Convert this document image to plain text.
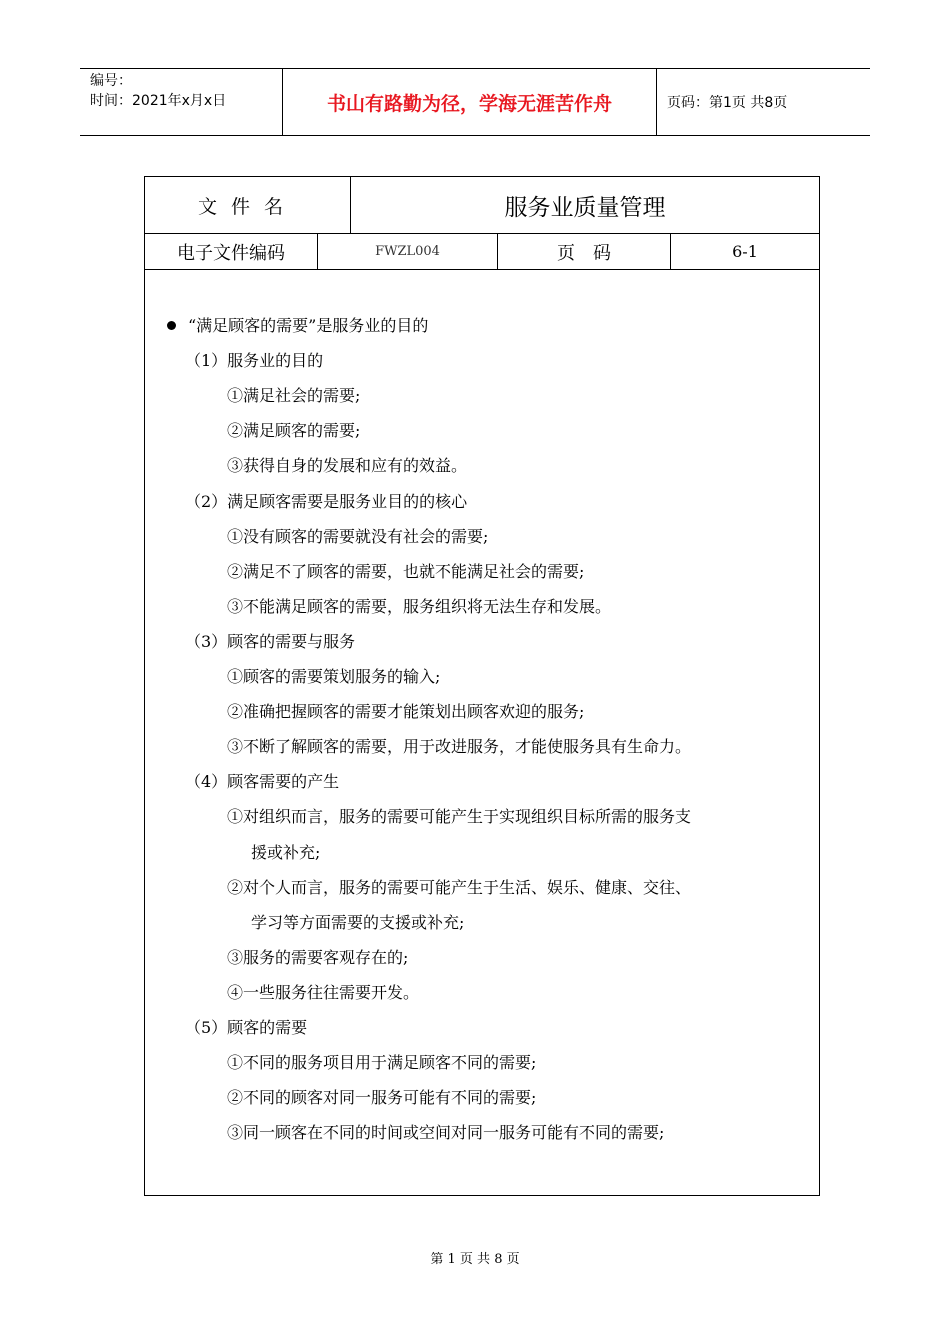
编号：
时间：2021年x月x日	书山有路勤为径，学海无涯苦作舟	页码：第1页 共8页
文件名	服务业质量管理
电子文件编码	FWZL004	页码	6-1
“满足顾客的需要”是服务业的目的
（1）服务业的目的
①满足社会的需要;
②满足顾客的需要;
③获得自身的发展和应有的效益。
（2）满足顾客需要是服务业目的的核心
①没有顾客的需要就没有社会的需要;
②满足不了顾客的需要，也就不能满足社会的需要;
③不能满足顾客的需要，服务组织将无法生存和发展。
（3）顾客的需要与服务
①顾客的需要策划服务的输入;
②准确把握顾客的需要才能策划出顾客欢迎的服务;
③不断了解顾客的需要，用于改进服务，才能使服务具有生命力。
（4）顾客需要的产生
①对组织而言，服务的需要可能产生于实现组织目标所需的服务支
援或补充;
②对个人而言，服务的需要可能产生于生活、娱乐、健康、交往、
学习等方面需要的支援或补充;
③服务的需要客观存在的;
④一些服务往往需要开发。
（5）顾客的需要
①不同的服务项目用于满足顾客不同的需要;
②不同的顾客对同一服务可能有不同的需要;
③同一顾客在不同的时间或空间对同一服务可能有不同的需要;
第 1 页 共 8 页
